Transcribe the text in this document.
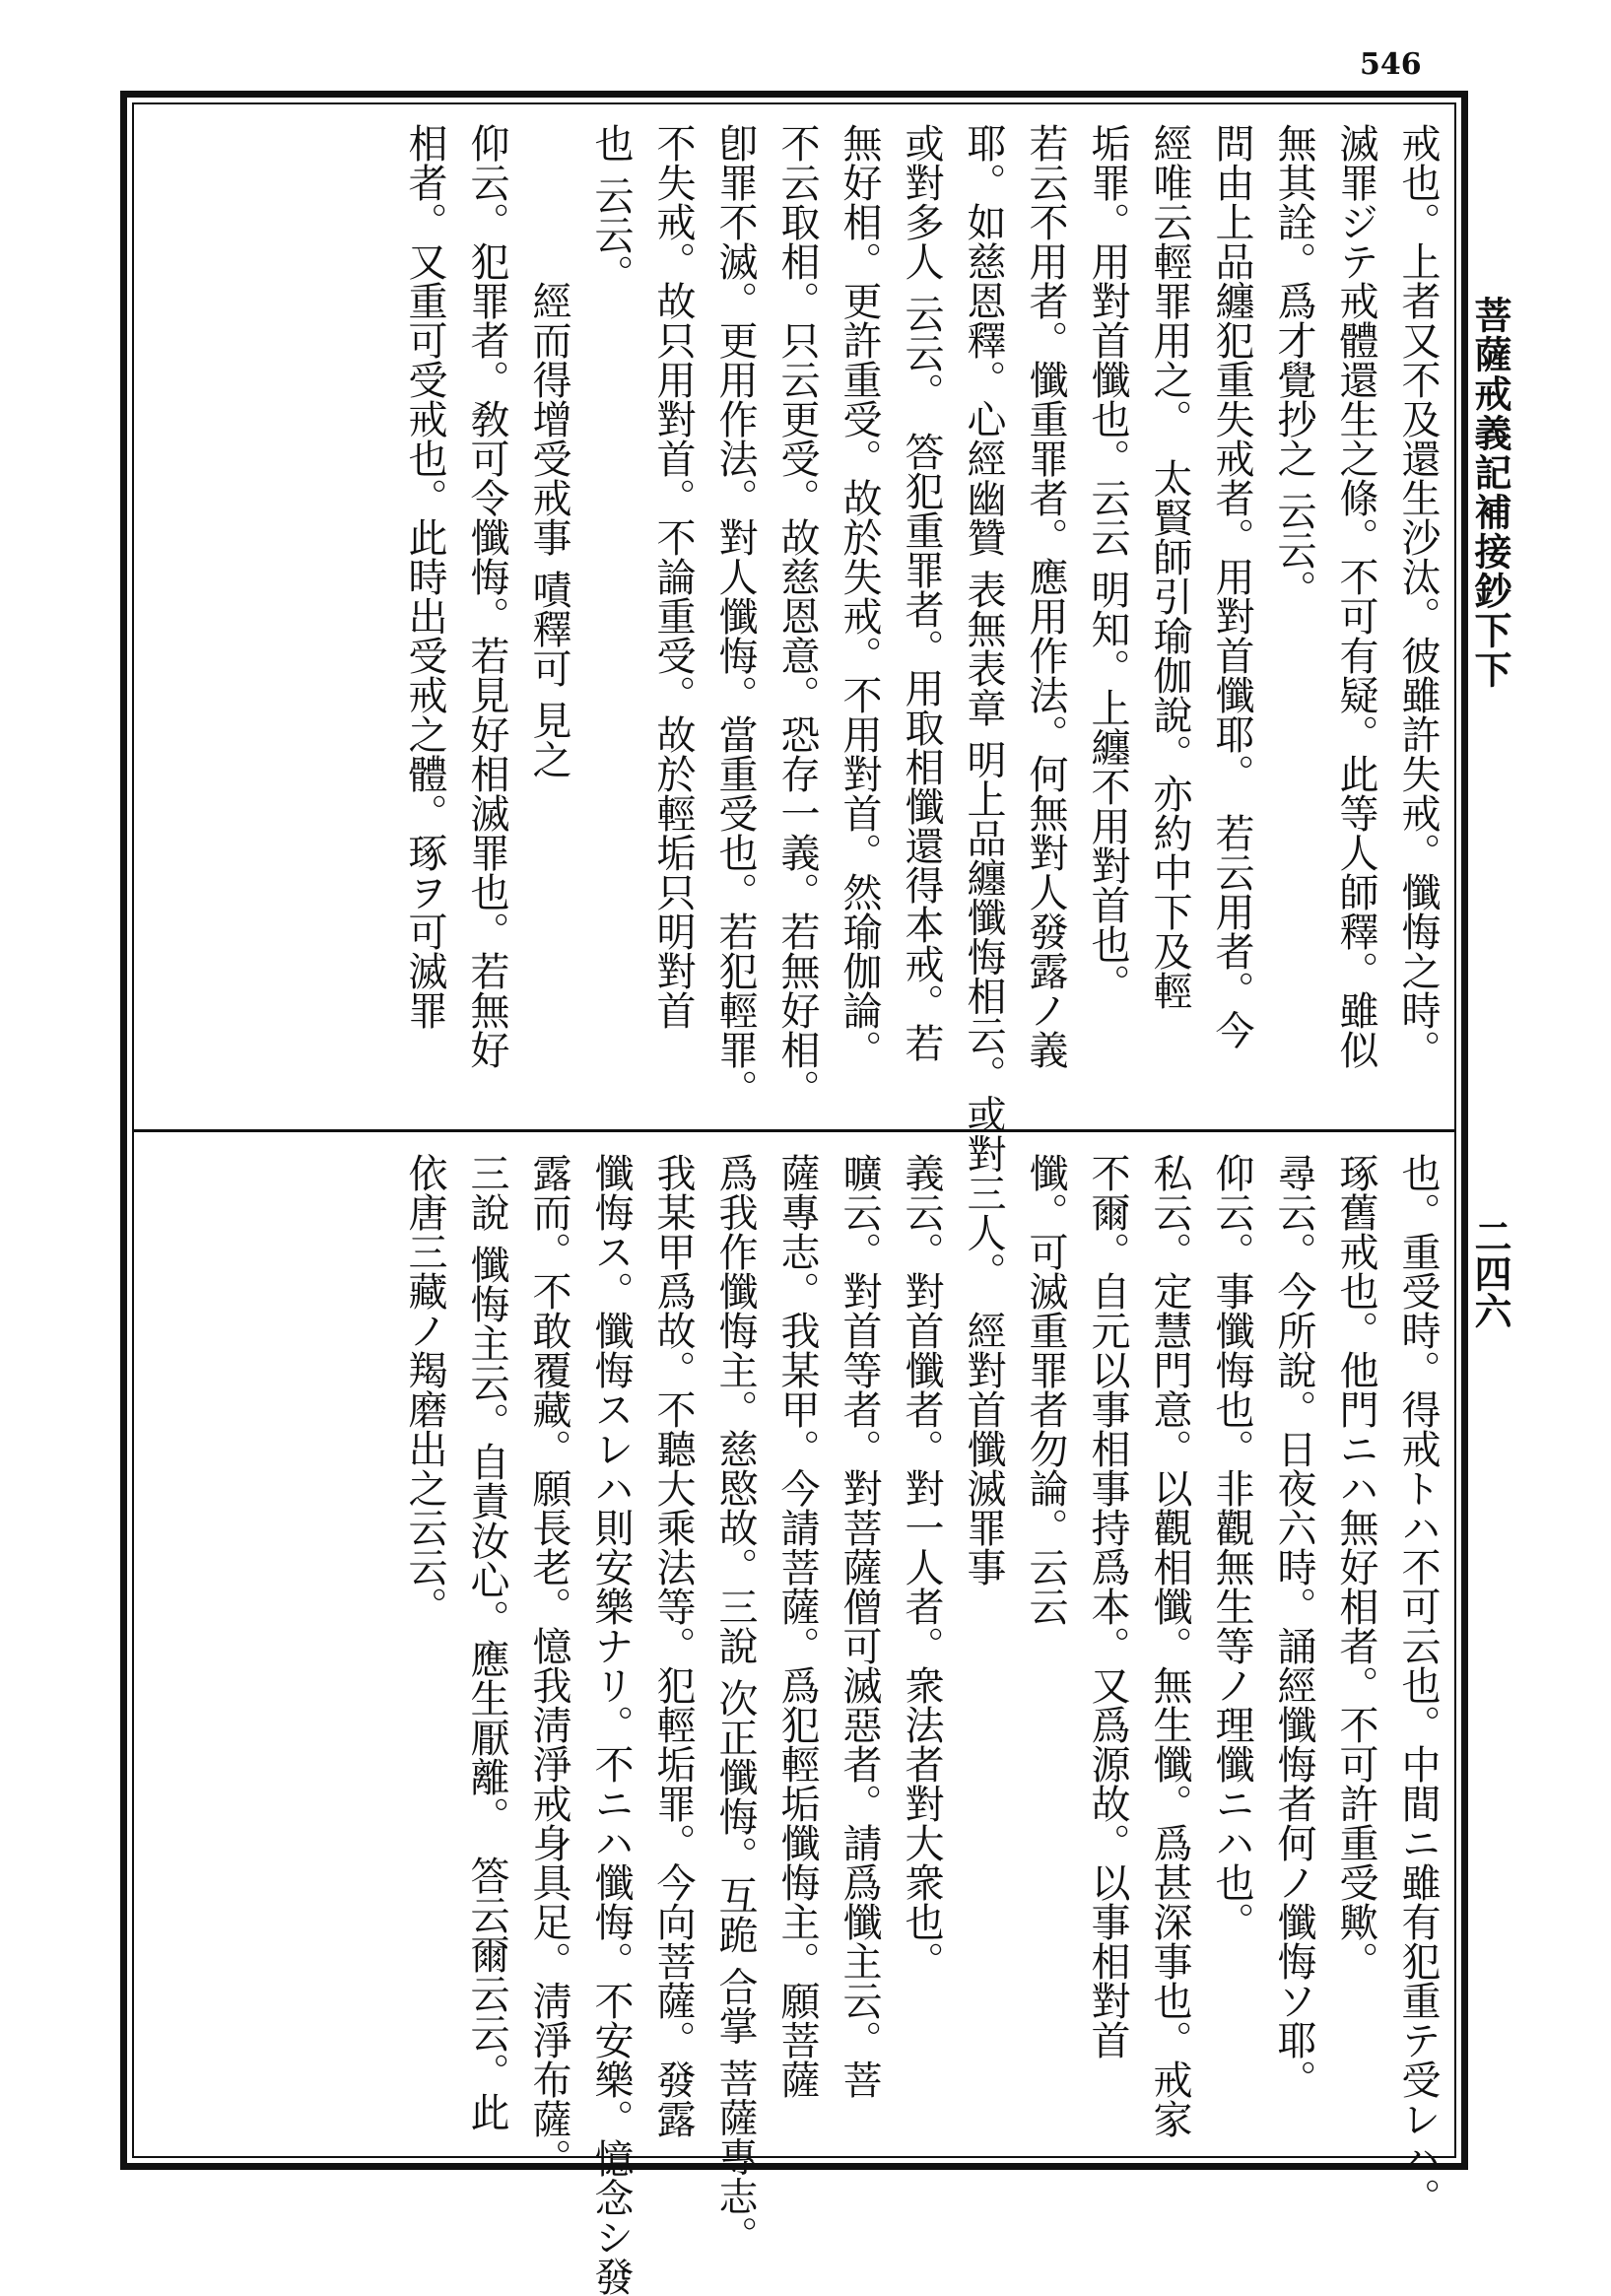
546
菩薩戒義記補接鈔下下
二四六
戒也。上者又不及還生沙汰。彼雖許失戒。懺悔之時。
滅罪ジテ戒體還生之條。不可有疑。此等人師釋。雖似
無其詮。爲才覺抄之 云云。
問由上品纏犯重失戒者。用對首懺耶。　若云用者。今
經唯云輕罪用之。　太賢師引瑜伽說。亦約中下及輕
垢罪。用對首懺也。云云 明知。上纏不用對首也。
若云不用者。懺重罪者。應用作法。何無對人發露ノ義
耶。如慈恩釋。心經幽贊 表無表章 明上品纏懺悔相云。或對三人。
或對多人 云云。　答犯重罪者。用取相懺還得本戒。若
無好相。更許重受。故於失戒。不用對首。然瑜伽論。
不云取相。只云更受。故慈恩意。恐存一義。若無好相。
卽罪不滅。更用作法。對人懺悔。當重受也。若犯輕罪。
不失戒。故只用對首。不論重受。故於輕垢只明對首
也 云云。
經而得增受戒事 嘖釋可 見之
仰云。犯罪者。敎可令懺悔。若見好相滅罪也。若無好
相者。又重可受戒也。此時出受戒之體。琢ヲ可滅罪
也。重受時。得戒トハ不可云也。中間ニ雖有犯重テ受レハ。
琢舊戒也。他門ニハ無好相者。不可許重受歟。
尋云。今所說。日夜六時。誦經懺悔者何ノ懺悔ソ耶。
仰云。事懺悔也。非觀無生等ノ理懺ニハ也。
私云。定慧門意。以觀相懺。無生懺。爲甚深事也。戒家
不爾。自元以事相事持爲本。又爲源故。以事相對首
懺。可滅重罪者勿論。云云
經對首懺滅罪事
義云。對首懺者。對一人者。衆法者對大衆也。
曠云。對首等者。對菩薩僧可滅惡者。請爲懺主云。菩
薩專志。我某甲。今請菩薩。爲犯輕垢懺悔主。願菩薩
爲我作懺悔主。慈愍故。三說 次正懺悔。互跪 合掌 菩薩專志。
我某甲爲故。不聽大乘法等。犯輕垢罪。今向菩薩。發露
懺悔ス。懺悔スレハ則安樂ナリ。不ニハ懺悔。不安樂。憶念シ發
露而。不敢覆藏。願長老。憶我淸淨戒身具足。淸淨布薩。
三說 懺悔主云。自責汝心。應生厭離。　答云爾云云。此
依唐三藏ノ羯磨出之云云。
